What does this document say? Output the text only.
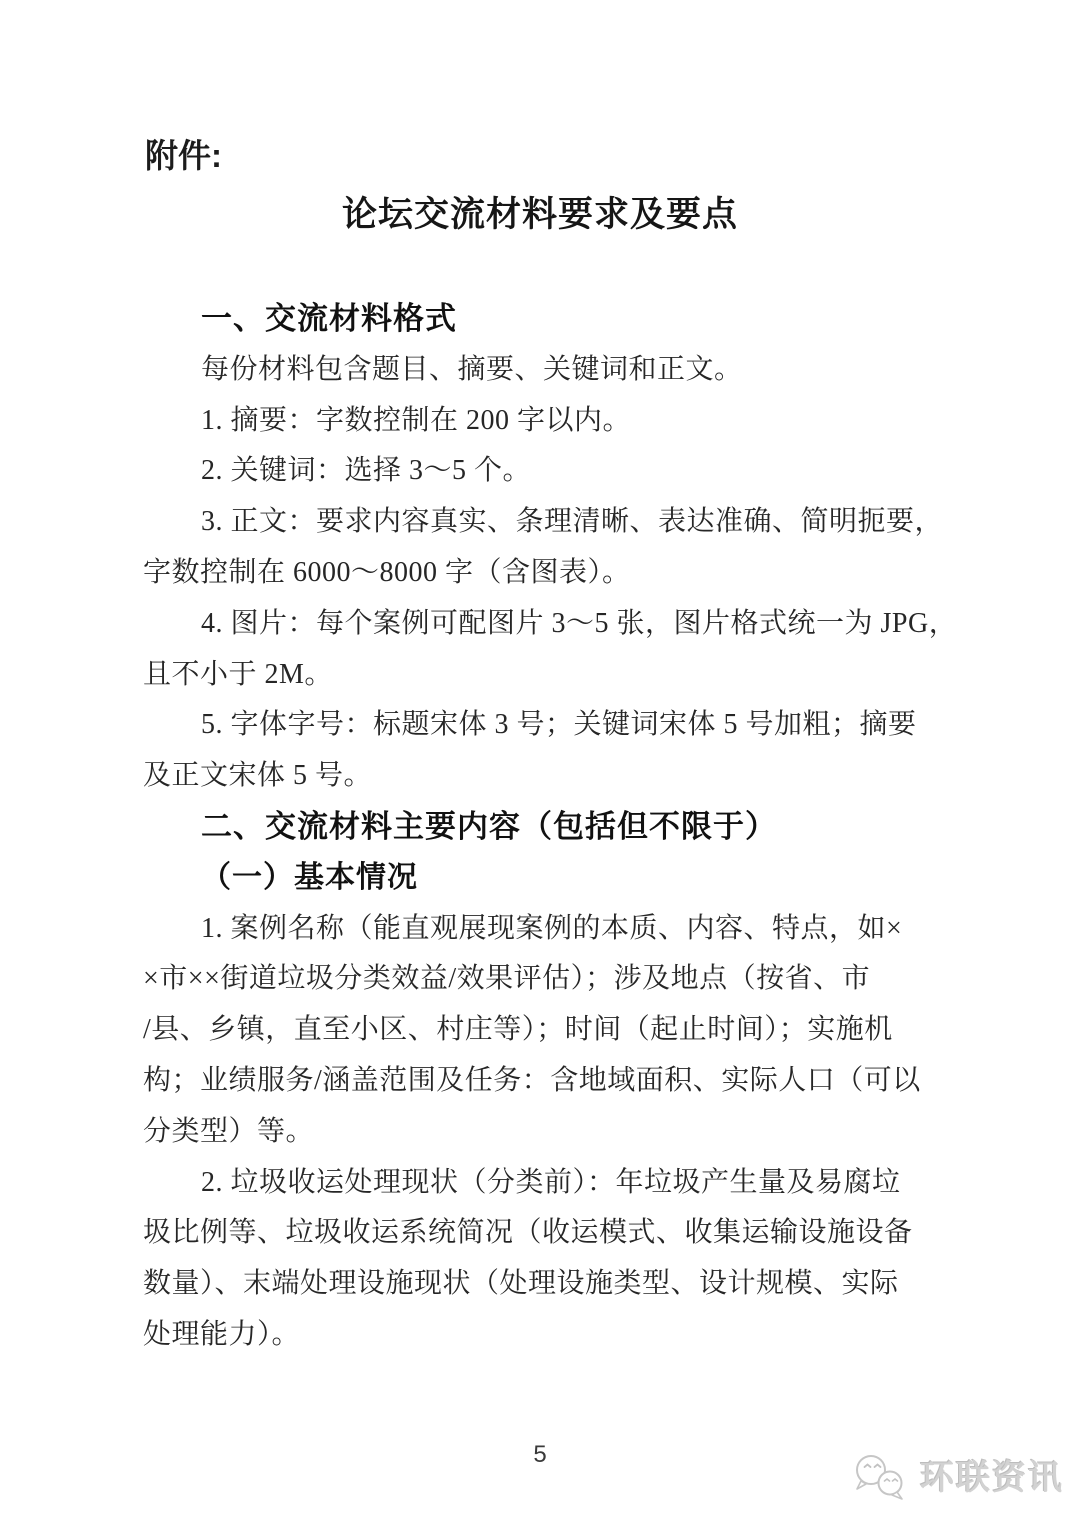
附件:
论坛交流材料要求及要点
一、交流材料格式
每份材料包含题目、摘要、关键词和正文。
1. 摘要：字数控制在 200 字以内。
2. 关键词：选择 3～5 个。
3. 正文：要求内容真实、条理清晰、表达准确、简明扼要，
字数控制在 6000～8000 字（含图表）。
4. 图片：每个案例可配图片 3～5 张，图片格式统一为 JPG，
且不小于 2M。
5. 字体字号：标题宋体 3 号；关键词宋体 5 号加粗；摘要
及正文宋体 5 号。
二、交流材料主要内容（包括但不限于）
（一）基本情况
1. 案例名称（能直观展现案例的本质、内容、特点，如×
×市××街道垃圾分类效益/效果评估）；涉及地点（按省、市
/县、乡镇，直至小区、村庄等）；时间（起止时间）；实施机
构；业绩服务/涵盖范围及任务：含地域面积、实际人口（可以
分类型）等。
2. 垃圾收运处理现状（分类前）：年垃圾产生量及易腐垃
圾比例等、垃圾收运系统简况（收运模式、收集运输设施设备
数量）、末端处理设施现状（处理设施类型、设计规模、实际
处理能力）。
5
环联资讯
